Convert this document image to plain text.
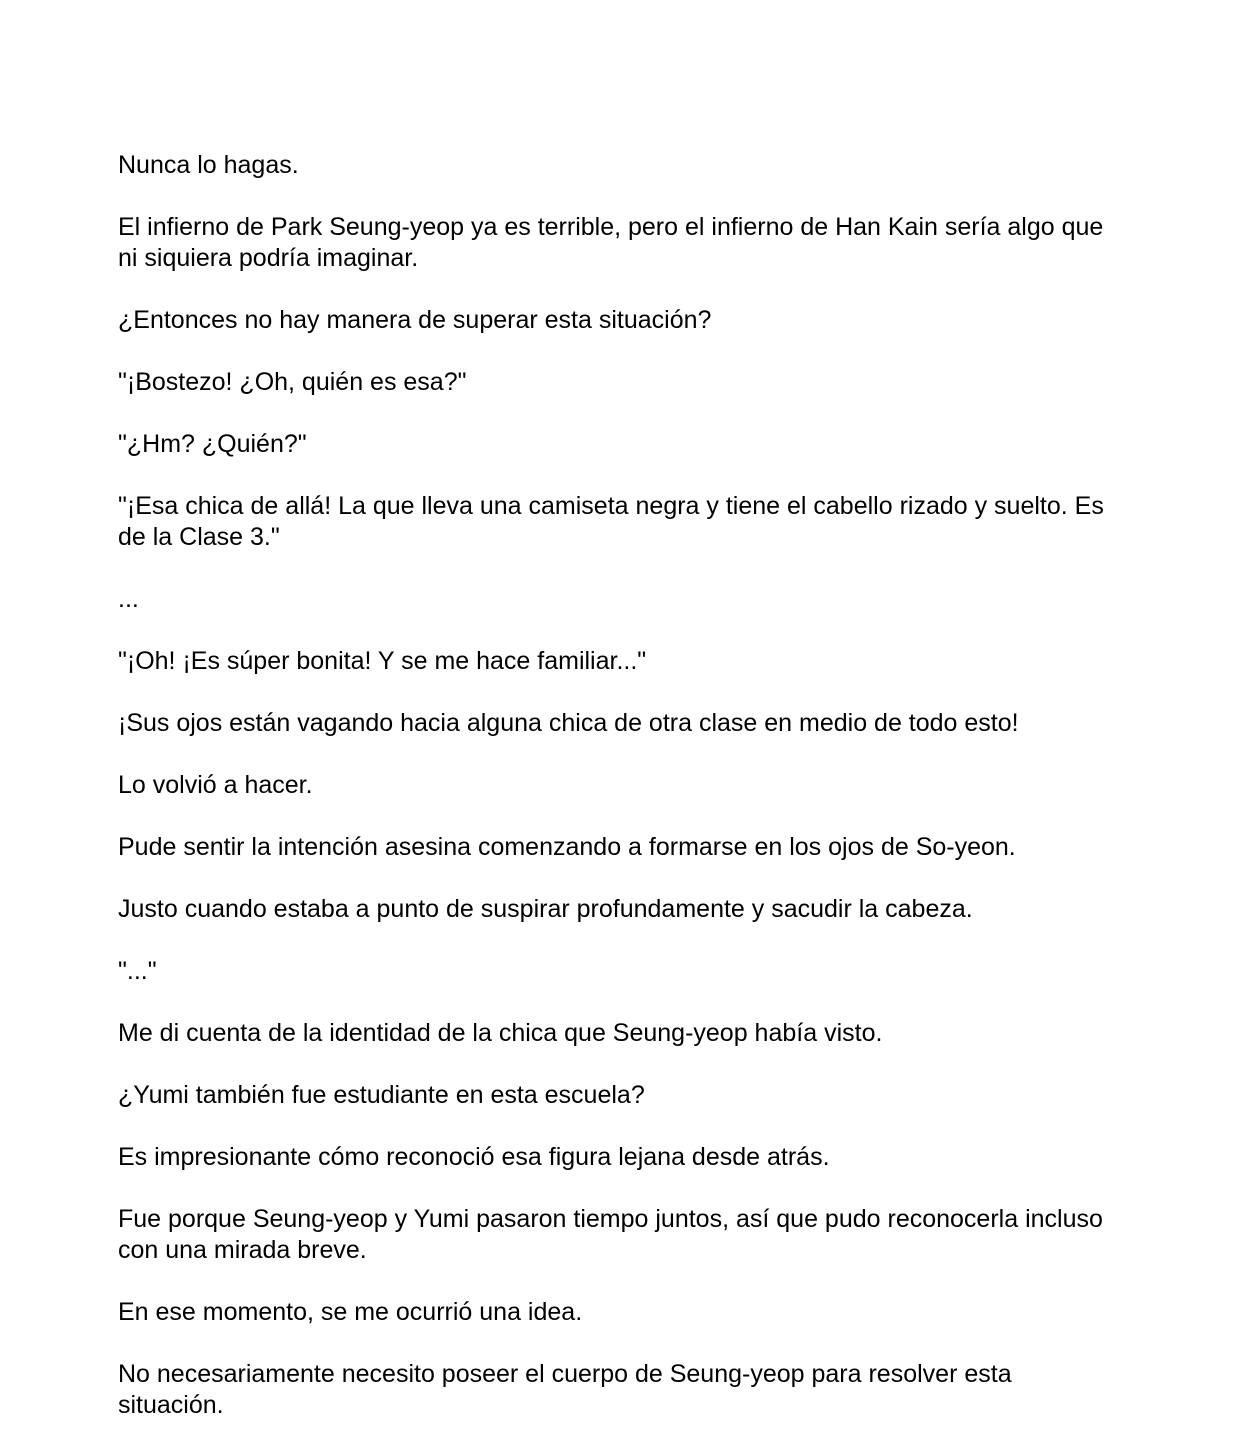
Nunca lo hagas.

El infierno de Park Seung-yeop ya es terrible, pero el infierno de Han Kain sería algo que ni siquiera podría imaginar.

¿Entonces no hay manera de superar esta situación?

"¡Bostezo! ¿Oh, quién es esa?"

"¿Hm? ¿Quién?"

"¡Esa chica de allá! La que lleva una camiseta negra y tiene el cabello rizado y suelto. Es de la Clase 3."

...

"¡Oh! ¡Es súper bonita! Y se me hace familiar..."

¡Sus ojos están vagando hacia alguna chica de otra clase en medio de todo esto!

Lo volvió a hacer.

Pude sentir la intención asesina comenzando a formarse en los ojos de So-yeon.

Justo cuando estaba a punto de suspirar profundamente y sacudir la cabeza.

"..."

Me di cuenta de la identidad de la chica que Seung-yeop había visto.

¿Yumi también fue estudiante en esta escuela?

Es impresionante cómo reconoció esa figura lejana desde atrás.

Fue porque Seung-yeop y Yumi pasaron tiempo juntos, así que pudo reconocerla incluso con una mirada breve.

En ese momento, se me ocurrió una idea.

No necesariamente necesito poseer el cuerpo de Seung-yeop para resolver esta situación.
